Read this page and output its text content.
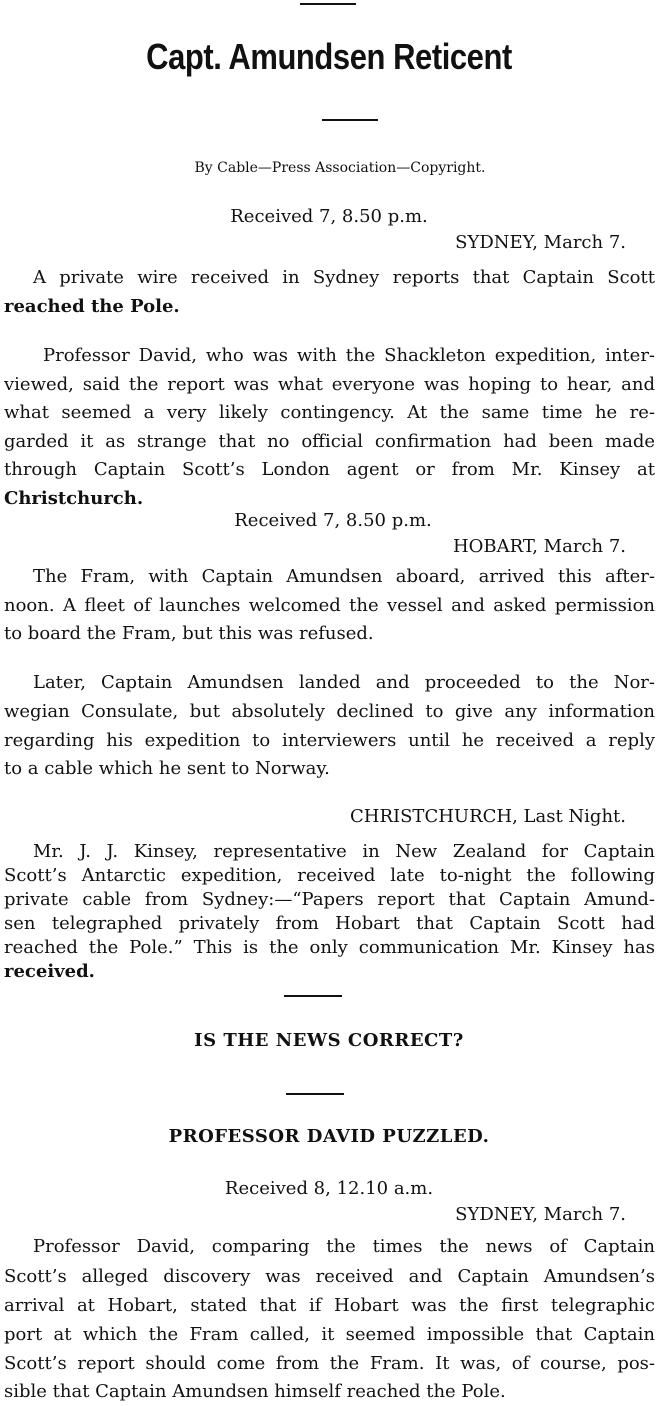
Capt. Amundsen Reticent
By Cable—Press Association—Copyright.
Received 7, 8.50 p.m.
SYDNEY, March 7.
A private wire received in Sydney reports that Captain Scott
reached the Pole.
Professor David, who was with the Shackleton expedition, inter-
viewed, said the report was what everyone was hoping to hear, and
what seemed a very likely contingency. At the same time he re-
garded it as strange that no official confirmation had been made
through Captain Scott’s London agent or from Mr. Kinsey at
Christchurch.
Received 7, 8.50 p.m.
HOBART, March 7.
The Fram, with Captain Amundsen aboard, arrived this after-
noon. A fleet of launches welcomed the vessel and asked permission
to board the Fram, but this was refused.
Later, Captain Amundsen landed and proceeded to the Nor-
wegian Consulate, but absolutely declined to give any information
regarding his expedition to interviewers until he received a reply
to a cable which he sent to Norway.
CHRISTCHURCH, Last Night.
Mr. J. J. Kinsey, representative in New Zealand for Captain
Scott’s Antarctic expedition, received late to-night the following
private cable from Sydney:—“Papers report that Captain Amund-
sen telegraphed privately from Hobart that Captain Scott had
reached the Pole.” This is the only communication Mr. Kinsey has
received.
IS THE NEWS CORRECT?
PROFESSOR DAVID PUZZLED.
Received 8, 12.10 a.m.
SYDNEY, March 7.
Professor David, comparing the times the news of Captain
Scott’s alleged discovery was received and Captain Amundsen’s
arrival at Hobart, stated that if Hobart was the first telegraphic
port at which the Fram called, it seemed impossible that Captain
Scott’s report should come from the Fram. It was, of course, pos-
sible that Captain Amundsen himself reached the Pole.
